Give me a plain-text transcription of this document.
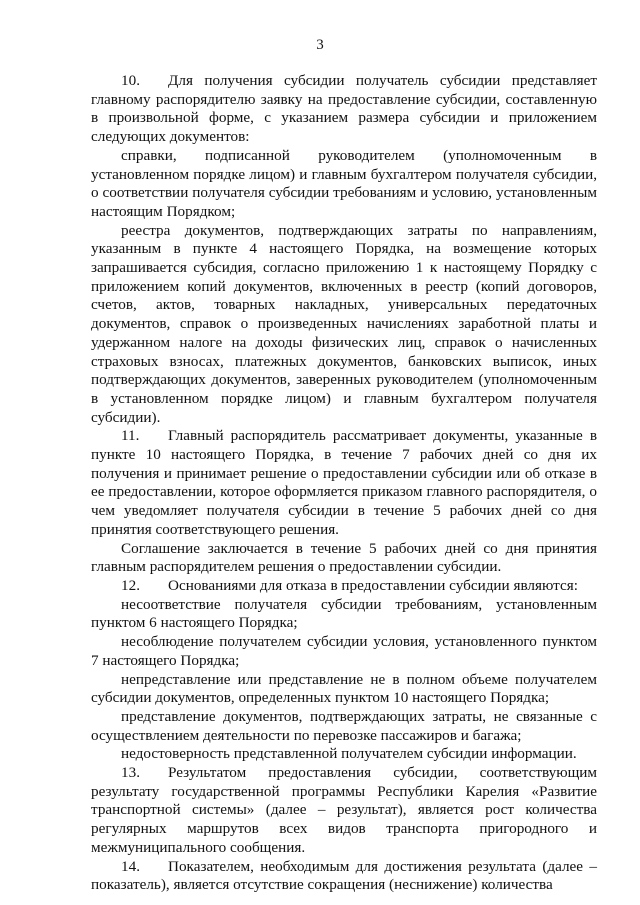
3

10. Для получения субсидии получатель субсидии представляет главному распорядителю заявку на предоставление субсидии, составленную в произвольной форме, с указанием размера субсидии и приложением следующих документов:

справки, подписанной руководителем (уполномоченным в установленном порядке лицом) и главным бухгалтером получателя субсидии, о соответствии получателя субсидии требованиям и условию, установленным настоящим Порядком;

реестра документов, подтверждающих затраты по направлениям, указанным в пункте 4 настоящего Порядка, на возмещение которых запрашивается субсидия, согласно приложению 1 к настоящему Порядку с приложением копий документов, включенных в реестр (копий договоров, счетов, актов, товарных накладных, универсальных передаточных документов, справок о произведенных начислениях заработной платы и удержанном налоге на доходы физических лиц, справок о начисленных страховых взносах, платежных документов, банковских выписок, иных подтверждающих документов, заверенных руководителем (уполномоченным в установленном порядке лицом) и главным бухгалтером получателя субсидии).

11. Главный распорядитель рассматривает документы, указанные в пункте 10 настоящего Порядка, в течение 7 рабочих дней со дня их получения и принимает решение о предоставлении субсидии или об отказе в ее предоставлении, которое оформляется приказом главного распорядителя, о чем уведомляет получателя субсидии в течение 5 рабочих дней со дня принятия соответствующего решения.

Соглашение заключается в течение 5 рабочих дней со дня принятия главным распорядителем решения о предоставлении субсидии.

12. Основаниями для отказа в предоставлении субсидии являются:

несоответствие получателя субсидии требованиям, установленным пунктом 6 настоящего Порядка;

несоблюдение получателем субсидии условия, установленного пунктом 7 настоящего Порядка;

непредставление или представление не в полном объеме получателем субсидии документов, определенных пунктом 10 настоящего Порядка;

представление документов, подтверждающих затраты, не связанные с осуществлением деятельности по перевозке пассажиров и багажа;

недостоверность представленной получателем субсидии информации.

13. Результатом предоставления субсидии, соответствующим результату государственной программы Республики Карелия «Развитие транспортной системы» (далее – результат), является рост количества регулярных маршрутов всех видов транспорта пригородного и межмуниципального сообщения.

14. Показателем, необходимым для достижения результата (далее – показатель), является отсутствие сокращения (неснижение) количества
